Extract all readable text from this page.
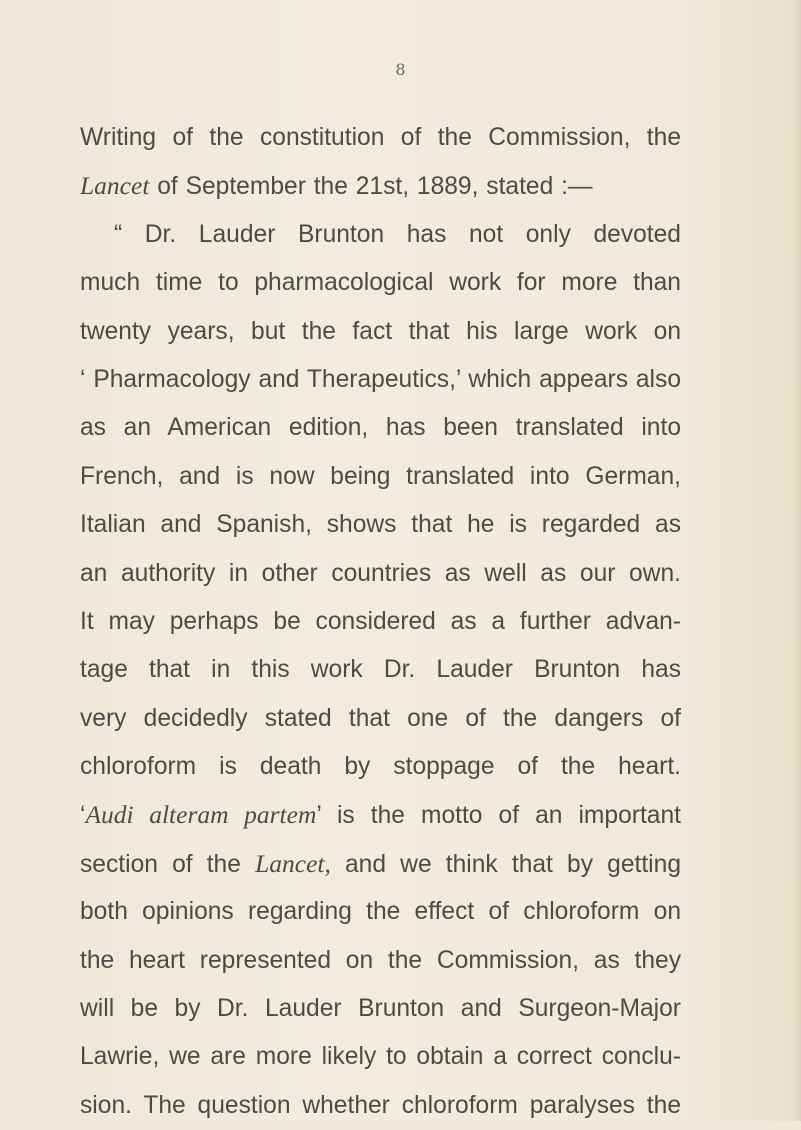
8

Writing of the constitution of the Commission, the
Lancet of September the 21st, 1889, stated :—
“ Dr. Lauder Brunton has not only devoted
much time to pharmacological work for more than
twenty years, but the fact that his large work on
‘ Pharmacology and Therapeutics,’ which appears also
as an American edition, has been translated into
French, and is now being translated into German,
Italian and Spanish, shows that he is regarded as
an authority in other countries as well as our own.
It may perhaps be considered as a further advan-
tage that in this work Dr. Lauder Brunton has
very decidedly stated that one of the dangers of
chloroform is death by stoppage of the heart.
‘Audi alteram partem’ is the motto of an important
section of the Lancet, and we think that by getting
both opinions regarding the effect of chloroform on
the heart represented on the Commission, as they
will be by Dr. Lauder Brunton and Surgeon-Major
Lawrie, we are more likely to obtain a correct conclu-
sion. The question whether chloroform paralyses the
